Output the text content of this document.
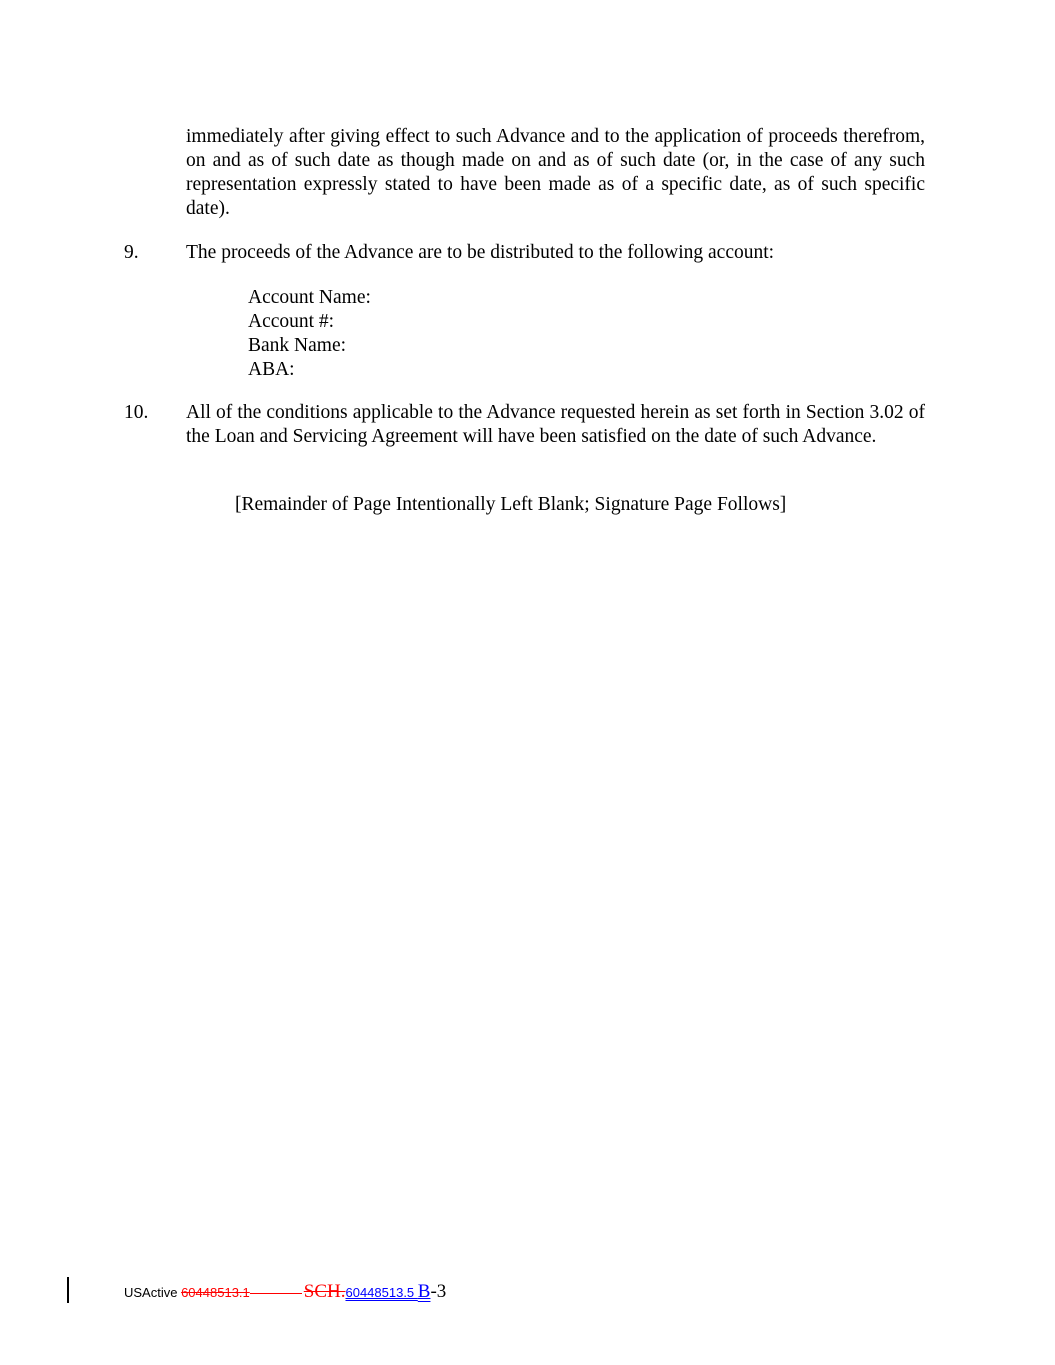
immediately after giving effect to such Advance and to the application of proceeds therefrom, on and as of such date as though made on and as of such date (or, in the case of any such representation expressly stated to have been made as of a specific date, as of such specific date).

9. The proceeds of the Advance are to be distributed to the following account:
Account Name:
Account #:
Bank Name:
ABA:
10. All of the conditions applicable to the Advance requested herein as set forth in Section 3.02 of the Loan and Servicing Agreement will have been satisfied on the date of such Advance.
[Remainder of Page Intentionally Left Blank; Signature Page Follows]
USActive 60448513.1	SCH.60448513.5 B-3
